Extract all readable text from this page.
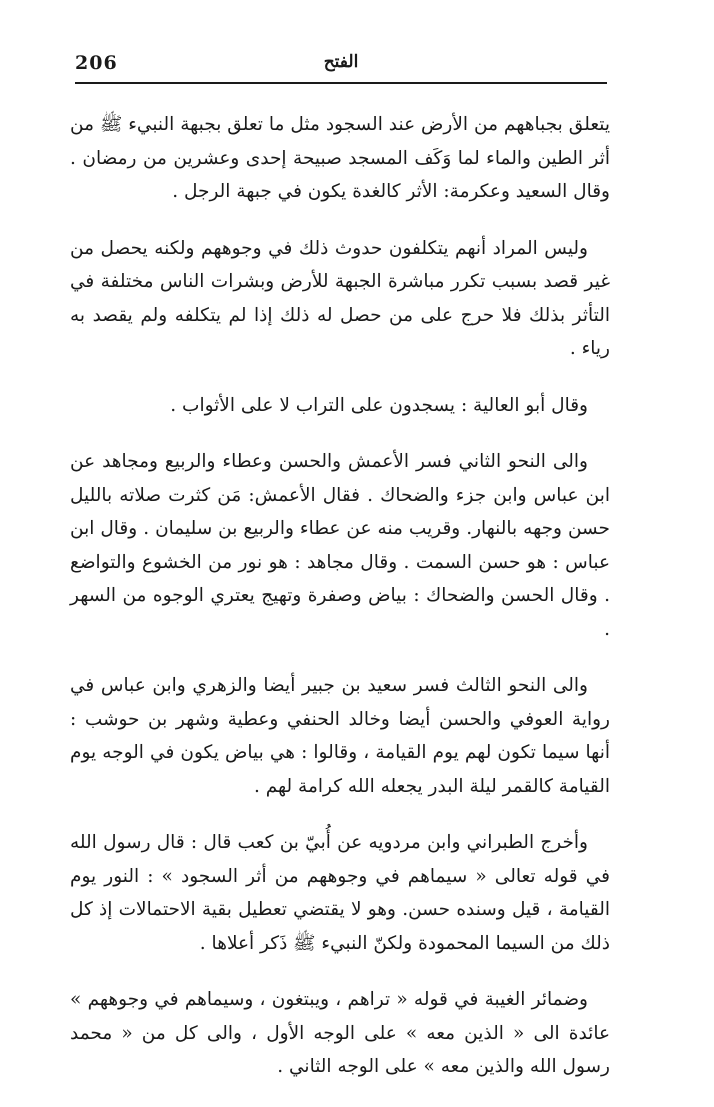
206	الفتح

يتعلق بجباههم من الأرض عند السجود مثل ما تعلق بجبهة النبيء ﷺ من أثر الطين والماء لما وَكَف المسجد صبيحة إحدى وعشرين من رمضان . وقال السعيد وعكرمة: الأثر كالغدة يكون في جبهة الرجل .

وليس المراد أنهم يتكلفون حدوث ذلك في وجوههم ولكنه يحصل من غير قصد بسبب تكرر مباشرة الجبهة للأرض وبشرات الناس مختلفة في التأثر بذلك فلا حرج على من حصل له ذلك إذا لم يتكلفه ولم يقصد به رياء .

وقال أبو العالية : يسجدون على التراب لا على الأثواب .

والى النحو الثاني فسر الأعمش والحسن وعطاء والربيع ومجاهد عن ابن عباس وابن جزء والضحاك . فقال الأعمش: مَن كثرت صلاته بالليل حسن وجهه بالنهار. وقريب منه عن عطاء والربيع بن سليمان . وقال ابن عباس : هو حسن السمت . وقال مجاهد : هو نور من الخشوع والتواضع . وقال الحسن والضحاك : بياض وصفرة وتهيج يعتري الوجوه من السهر .

والى النحو الثالث فسر سعيد بن جبير أيضا والزهري وابن عباس في رواية العوفي والحسن أيضا وخالد الحنفي وعطية وشهر بن حوشب : أنها سيما تكون لهم يوم القيامة ، وقالوا : هي بياض يكون في الوجه يوم القيامة كالقمر ليلة البدر يجعله الله كرامة لهم .

وأخرج الطبراني وابن مردويه عن أُبيّ بن كعب قال : قال رسول الله في قوله تعالى « سيماهم في وجوههم من أثر السجود » : النور يوم القيامة ، قيل وسنده حسن. وهو لا يقتضي تعطيل بقية الاحتمالات إذ كل ذلك من السيما المحمودة ولكنّ النبيء ﷺ ذَكر أعلاها .

وضمائر الغيبة في قوله « تراهم ، ويبتغون ، وسيماهم في وجوههم » عائدة الى « الذين معه » على الوجه الأول ، والى كل من « محمد رسول الله والذين معه » على الوجه الثاني .
